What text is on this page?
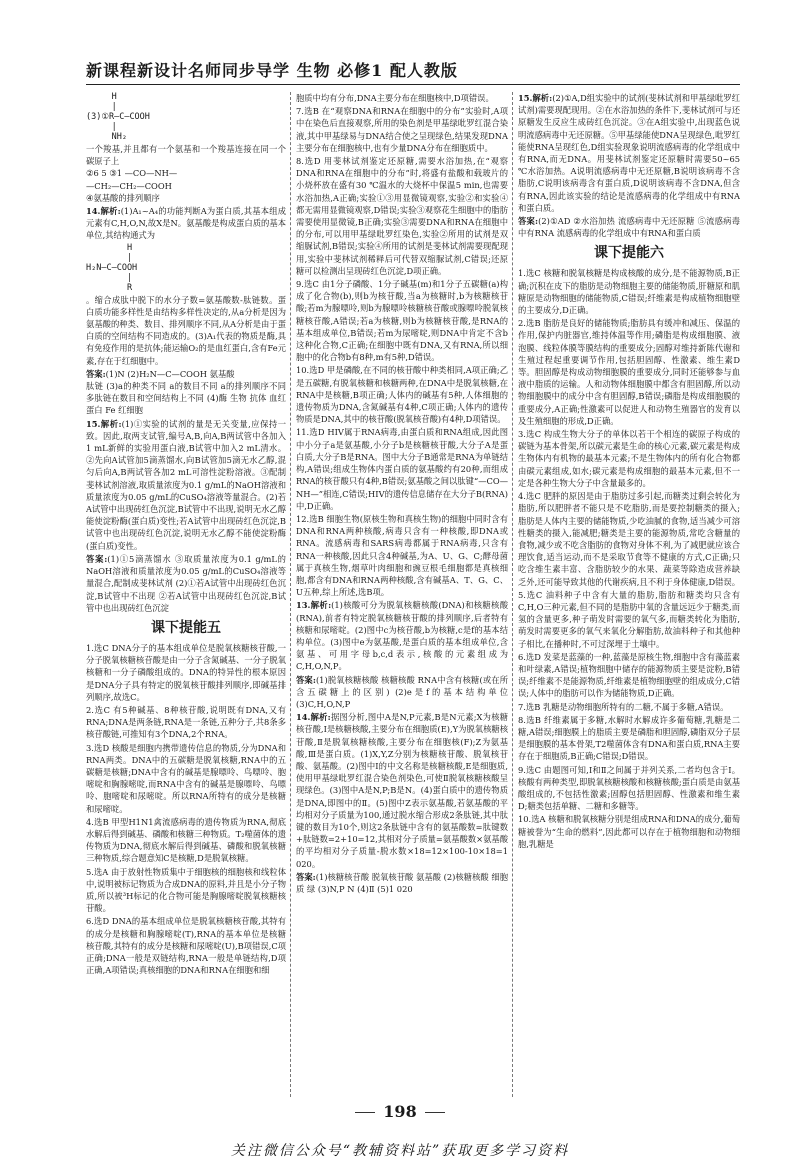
新课程新设计名师同步导学 生物 必修1 配人教版
H
|
(3)①R—C—COOH
|
NH₂
一个羧基,并且都有一个氨基和一个羧基连接在同一个碳原子上
②6 5 ③1 —CO—NH—
—CH₂—CH₂—COOH
④氨基酸的排列顺序
14.解析:(1)A₁~A₄的功能判断A为蛋白质,其基本组成元素有C,H,O,N,故X是N。氨基酸是构成蛋白质的基本单位,其结构通式为
H
|
H₂N—C—COOH
|
R
。缩合成肽中脱下的水分子数=氨基酸数-肽链数。蛋白质功能多样性是由结构多样性决定的,从a分析是因为氨基酸的种类、数目、排列顺序不同,从A分析是由于蛋白质的空间结构不同造成的。(3)A₁代表的物质是酶,具有免疫作用的是抗体;能运输O₂的是血红蛋白,含有Fe元素,存在于红细胞中。
答案:(1)N (2)H₂N—C—COOH 氨基酸
肽链 (3)a的种类不同 a的数目不同 a的排列顺序不同 多肽链在数目和空间结构上不同 (4)酶 生物 抗体 血红蛋白 Fe 红细胞
15.解析:(1)①实验的试剂的量是无关变量,应保持一致。因此,取两支试管,编号A,B,向A,B两试管中各加入1 mL新鲜的实验用蛋白液,B试管中加入2 mL清水。②先向A试管加5滴蒸馏水,向B试管加5滴无水乙醇,混匀后向A,B两试管各加2 mL可溶性淀粉溶液。③配制斐林试剂溶液,取质量浓度为0.1 g/mL的NaOH溶液和质量浓度为0.05 g/mL的CuSO₄溶液等量混合。(2)若A试管中出现砖红色沉淀,B试管中不出现,说明无水乙醇能使淀粉酶(蛋白质)变性;若A试管中出现砖红色沉淀,B试管中也出现砖红色沉淀,说明无水乙醇不能使淀粉酶(蛋白质)变性。
答案:(1)①5滴蒸馏水 ③取质量浓度为0.1 g/mL的NaOH溶液和质量浓度为0.05 g/mL的CuSO₄溶液等量混合,配制成斐林试剂 (2)①若A试管中出现砖红色沉淀,B试管中不出现 ②若A试管中出现砖红色沉淀,B试管中也出现砖红色沉淀
课下提能五
1.选C DNA分子的基本组成单位是脱氧核糖核苷酸,一分子脱氧核糖核苷酸是由一分子含氮碱基、一分子脱氧核糖和一分子磷酸组成的。DNA的特异性的根本原因是DNA分子具有特定的脱氧核苷酸排列顺序,即碱基排列顺序,故选C。
2.选C 有5种碱基、8种核苷酸,说明既有DNA,又有RNA;DNA是两条链,RNA是一条链,五种分子,共8条多核苷酸链,可推知有3个DNA,2个RNA。
3.选D 核酸是细胞内携带遗传信息的物质,分为DNA和RNA两类。DNA中的五碳糖是脱氧核糖,RNA中的五碳糖是核糖;DNA中含有的碱基是腺嘌呤、鸟嘌呤、胞嘧啶和胸腺嘧啶,而RNA中含有的碱基是腺嘌呤、鸟嘌呤、胞嘧啶和尿嘧啶。所以RNA所特有的成分是核糖和尿嘧啶。
4.选B 甲型H1N1禽流感病毒的遗传物质为RNA,彻底水解后得到碱基、磷酸和核糖三种物质。T₂噬菌体的遗传物质为DNA,彻底水解后得到碱基、磷酸和脱氧核糖三种物质,综合题意知C是核糖,D是脱氧核糖。
5.选A 由于放射性物质集中于细胞核的细胞核和线粒体中,说明被标记物质为合成DNA的原料,并且是小分子物质,所以被³H标记的化合物可能是胸腺嘧啶脱氧核糖核苷酸。
6.选D DNA的基本组成单位是脱氧核糖核苷酸,其特有的成分是核糖和胸腺嘧啶(T),RNA的基本单位是核糖核苷酸,其特有的成分是核糖和尿嘧啶(U),B项错误,C项正确;DNA一般是双链结构,RNA一般是单链结构,D项正确,A项错误;真核细胞的DNA和RNA在细胞和细
胞质中均有分布,DNA主要分布在细胞核中,D项错误。
7.选B 在“观察DNA和RNA在细胞中的分布”实验时,A项中在染色后直接观察,所用的染色剂是甲基绿吡罗红混合染液,其中甲基绿易与DNA结合使之呈现绿色,结果发现DNA主要分布在细胞核中,也有少量DNA分布在细胞质中。
8.选D 用斐林试剂鉴定还原糖,需要水浴加热,在“观察DNA和RNA在细胞中的分布”时,将盛有盐酸和载玻片的小烧杯放在盛有30 ℃温水的大烧杯中保温5 min,也需要水浴加热,A正确;实验①③用显微镜观察,实验②和实验④都无需用显微镜观察,D错误;实验③观察花生细胞中的脂肪需要使用显微镜,B正确;实验③需要DNA和RNA在细胞中的分布,可以用甲基绿吡罗红染色,实验②所用的试剂是双缩脲试剂,B错误;实验④所用的试剂是斐林试剂需要现配现用,实验中斐林试剂稀释后可代替双缩脲试剂,C错误;还原糖可以检测出呈现砖红色沉淀,D项正确。
9.选C 由1分子磷酸、1分子碱基(m)和1分子五碳糖(a)构成了化合物(b),则b为核苷酸,当a为核糖时,b为核糖核苷酸;若m为腺嘌呤,则b为腺嘌呤核糖核苷酸或腺嘌呤脱氧核糖核苷酸,A错误;若a为核糖,则b为核糖核苷酸,是RNA的基本组成单位,B错误;若m为尿嘧啶,则DNA中肯定不含b这种化合物,C正确;在细胞中既有DNA,又有RNA,所以细胞中的化合物b有8种,m有5种,D错误。
10.选D 甲是磷酸,在不同的核苷酸中种类相同,A项正确;乙是五碳糖,有脱氧核糖和核糖两种,在DNA中是脱氧核糖,在RNA中是核糖,B项正确;人体内的碱基有5种,人体细胞的遗传物质为DNA,含氮碱基有4种,C项正确;人体内的遗传物质是DNA,其中的核苷酸(脱氧核苷酸)有4种,D项错误。
11.选D HIV属于RNA病毒,由蛋白质和RNA组成,因此图中小分子a是氨基酸,小分子b是核糖核苷酸,大分子A是蛋白质,大分子B是RNA。图中大分子B通常是RNA为单链结构,A错误;组成生物体内蛋白质的氨基酸约有20种,而组成RNA的核苷酸只有4种,B错误;氨基酸之间以肽键“—CO—NH—”相连,C错误;HIV的遗传信息储存在大分子B(RNA)中,D正确。
12.选B 细胞生物(原核生物和真核生物)的细胞中同时含有DNA和RNA两种核酸,病毒只含有一种核酸,即DNA或RNA。流感病毒和SARS病毒都属于RNA病毒,只含有RNA一种核酸,因此只含4种碱基,为A、U、G、C;酵母菌属于真核生物,烟草叶肉细胞和豌豆根毛细胞都是真核细胞,都含有DNA和RNA两种核酸,含有碱基A、T、G、C、U五种,综上所述,选B项。
13.解析:(1)核酸可分为脱氧核糖核酸(DNA)和核糖核酸(RNA),前者有特定脱氧核糖核苷酸的排列顺序,后者特有核糖和尿嘧啶。(2)图中c为核苷酸,b为核糖,c是f的基本结构单位。(3)图中e为氨基酸,是蛋白质的基本组成单位,含氨基、可用字母b,c,d表示,核酸的元素组成为C,H,O,N,P。
答案:(1)脱氧核糖核酸 核糖核酸 RNA中含有核糖(或在所含五碳糖上的区别) (2)e是f的基本结构单位 (3)C,H,O,N,P
14.解析:据图分析,图中A是N,P元素,B是N元素;X为核糖核苷酸,Ⅰ是核糖核酸,主要分布在细胞质(E),Y为脱氧核糖核苷酸,Ⅱ是脱氧核糖核酸,主要分布在细胞核(F);Z为氨基酸,Ⅲ是蛋白质。(1)X,Y,Z分别为核糖核苷酸、脱氧核苷酸、氨基酸。(2)图中Ⅰ的中文名称是核糖核酸,E是细胞质,使用甲基绿吡罗红混合染色剂染色,可使Ⅱ脱氧核糖核酸呈现绿色。(3)图中A是N,P;B是N。(4)蛋白质中的遗传物质是DNA,即图中的Ⅱ。(5)图中Z表示氨基酸,若氨基酸的平均相对分子质量为100,通过脱水缩合形成2条肽链,其中肽键的数目为10个,则这2条肽链中含有的氨基酸数=肽键数+肽链数=2+10=12,其相对分子质量=氨基酸数×氨基酸的平均相对分子质量-脱水数×18=12×100-10×18=1 020。
答案:(1)核糖核苷酸 脱氧核苷酸 氨基酸 (2)核糖核酸 细胞质 绿 (3)N,P N (4)Ⅱ (5)1 020
15.解析:(2)①A,D组实验中的试剂(斐林试剂和甲基绿吡罗红试剂)需要现配现用。②在水浴加热的条件下,斐林试剂可与还原糖发生反应生成砖红色沉淀。③在A组实验中,出现蓝色说明流感病毒中无还原糖。⑤甲基绿能使DNA呈现绿色,吡罗红能使RNA呈现红色,D组实验现象说明流感病毒的化学组成中有RNA,而无DNA。用斐林试剂鉴定还原糖时需要50~65 ℃水浴加热。A说明流感病毒中无还原糖,B说明该病毒不含脂肪,C说明该病毒含有蛋白质,D说明该病毒不含DNA,但含有RNA,因此该实验的结论是流感病毒的化学组成中有RNA和蛋白质。
答案:(2)①AD ②水浴加热 流感病毒中无还原糖 ⑤流感病毒中有RNA 流感病毒的化学组成中有RNA和蛋白质
课下提能六
1.选C 核糖和脱氧核糖是构成核酸的成分,是不能源物质,B正确;沉积在皮下的脂肪是动物细胞主要的储能物质,肝糖原和肌糖原是动物细胞的储能物质,C错误;纤维素是构成植物细胞壁的主要成分,D正确。
2.选B 脂肪是良好的储能物质;脂肪具有缓冲和减压、保温的作用,保护内脏器官,维持体温等作用;磷脂是构成细胞膜、液泡膜、线粒体膜等膜结构的重要成分;固醇对维持新陈代谢和生殖过程起重要调节作用,包括胆固醇、性激素、维生素D等。胆固醇是构成动物细胞膜的重要成分,同时还能够参与血液中脂质的运输。人和动物体细胞膜中都含有胆固醇,所以动物细胞膜中的成分中含有胆固醇,B错误;磷脂是构成细胞膜的重要成分,A正确;性激素可以促进人和动物生殖器官的发育以及生殖细胞的形成,D正确。
3.选C 构成生物大分子的单体以若干个相连的碳原子构成的碳链为基本骨架,所以碳元素是生命的核心元素,碳元素是构成生物体内有机物的最基本元素;不是生物体内的所有化合物都由碳元素组成,如水;碳元素是构成细胞的最基本元素,但不一定是各种生物大分子中含量最多的。
4.选C 肥胖的原因是由于脂肪过多引起,而糖类过剩会转化为脂肪,所以肥胖者不能只是不吃脂肪,而是要控制糖类的摄入;脂肪是人体内主要的储能物质,少吃油腻的食物,适当减少可溶性糖类的摄入,能减肥;糖类是主要的能源物质,常吃含糖量的食物,减少或不吃含脂肪的食物对身体不利,为了减肥就应该合理饮食,适当运动,而不是采取节食等不健康的方式,C正确;只吃含维生素丰富、含脂肪较少的水果、蔬菜等除造成营养缺乏外,还可能导致其他的代谢疾病,且不利于身体健康,D错误。
5.选C 油料种子中含有大量的脂肪,脂肪和糖类均只含有C,H,O三种元素,但不同的是脂肪中氧的含量远远少于糖类,而氢的含量更多,种子萌发时需要的氧气多,而糖类转化为脂肪,萌发时需要更多的氧气来氧化分解脂肪,故油料种子和其他种子相比,在播种时,不可过深埋于土壤中。
6.选D 发菜是蓝藻的一种,蓝藻是原核生物,细胞中含有藻蓝素和叶绿素,A错误;植物细胞中储存的能源物质主要是淀粉,B错误;纤维素不是能源物质,纤维素是植物细胞壁的组成成分,C错误;人体中的脂肪可以作为储能物质,D正确。
7.选B 乳糖是动物细胞所特有的二糖,不属于多糖,A错误。
8.选B 纤维素属于多糖,水解时水解成许多葡萄糖,乳糖是二糖,A错误;细胞膜上的脂质主要是磷脂和胆固醇,磷脂双分子层是细胞膜的基本骨架,T2噬菌体含有DNA和蛋白质,RNA主要存在于细胞质,B正确;C错误;D错误。
9.选C 由题图可知,Ⅰ和Ⅱ之间属于并列关系,二者均包含于Ⅰ。核酸有两种类型,即脱氧核糖核酸和核糖核酸;蛋白质是由氨基酸组成的,不包括性激素;固醇包括胆固醇、性激素和维生素D;糖类包括单糖、二糖和多糖等。
10.选A 核糖和脱氧核糖分别是组成RNA和DNA的成分,葡萄糖被誉为“生命的燃料”,因此都可以存在于植物细胞和动物细胞,乳糖是
198
关注微信公众号“教辅资料站”获取更多学习资料
